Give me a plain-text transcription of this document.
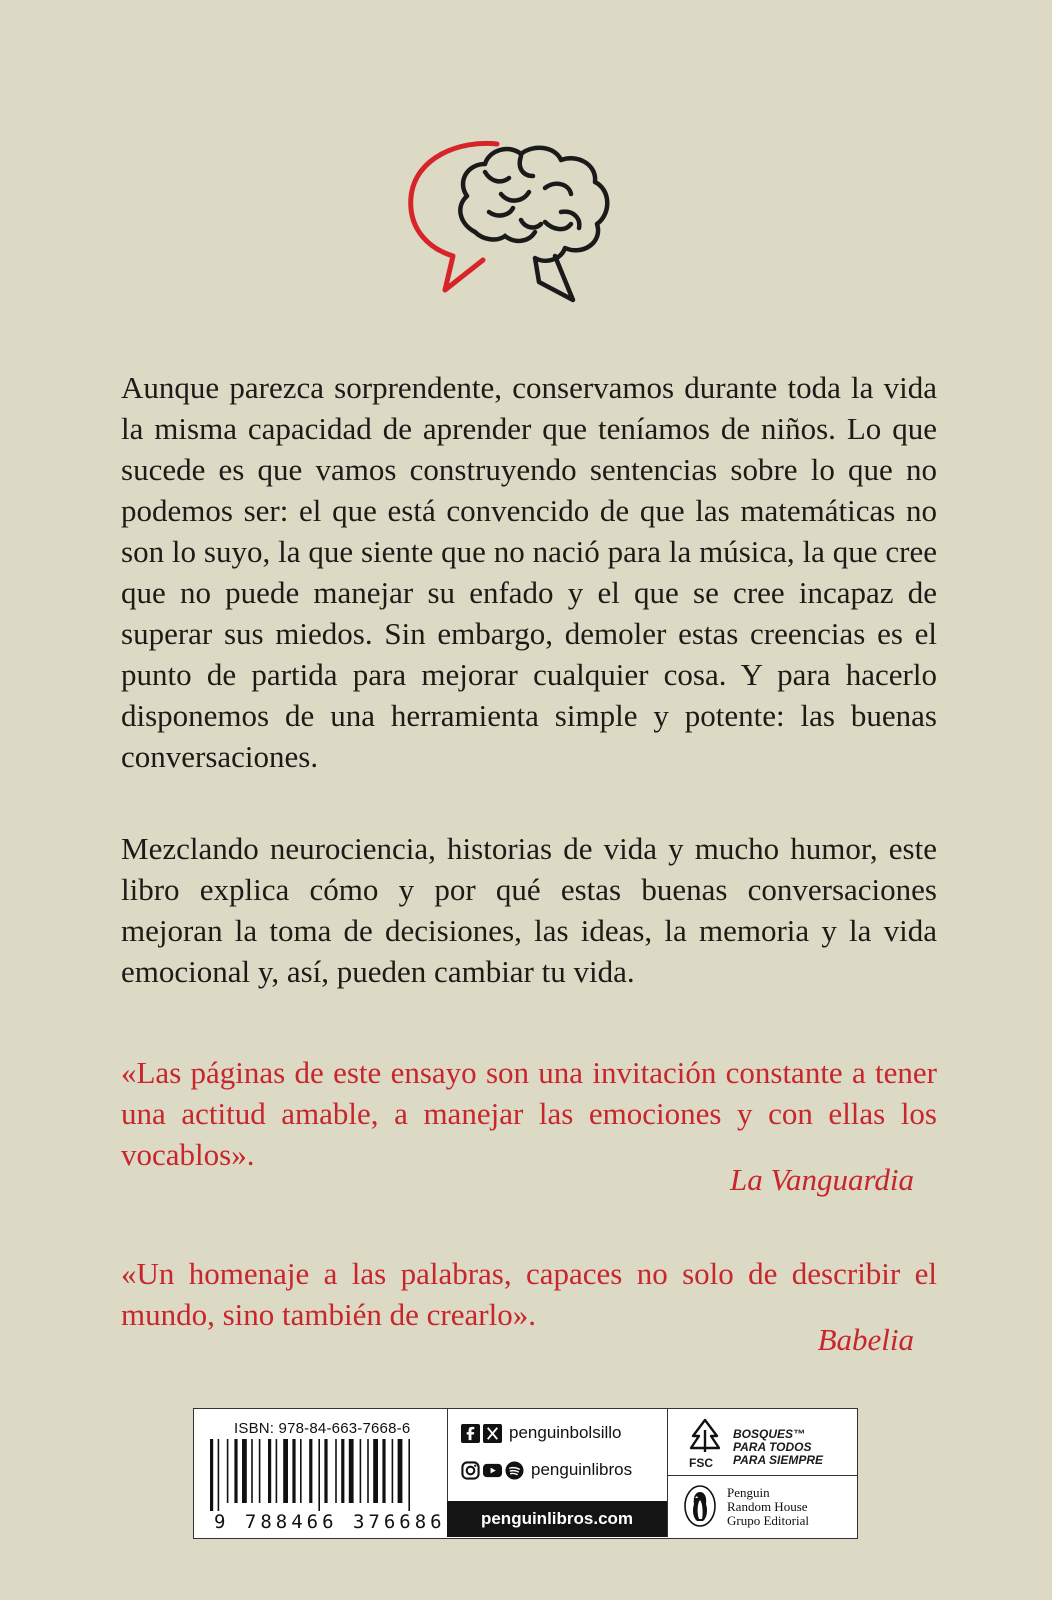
Aunque parezca sorprendente, conservamos durante toda la vida la misma capacidad de aprender que teníamos de niños. Lo que sucede es que vamos construyendo sentencias sobre lo que no podemos ser: el que está convencido de que las matemáticas no son lo suyo, la que siente que no nació para la música, la que cree que no puede manejar su enfado y el que se cree incapaz de superar sus miedos. Sin embargo, demoler estas creencias es el punto de partida para mejorar cualquier cosa. Y para hacerlo disponemos de una herramienta simple y potente: las buenas conversaciones.

Mezclando neurociencia, historias de vida y mucho humor, este libro explica cómo y por qué estas buenas conversaciones mejoran la toma de decisiones, las ideas, la memoria y la vida emocional y, así, pueden cambiar tu vida.

«Las páginas de este ensayo son una invitación constante a tener una actitud amable, a manejar las emociones y con ellas los vocablos».

La Vanguardia

«Un homenaje a las palabras, capaces no solo de describir el mundo, sino también de crearlo».

Babelia
ISBN: 978-84-663-7668-6
9 788466 376686
penguinbolsillo
penguinlibros
penguinlibros.com
FSC
BOSQUES™
PARA TODOS
PARA SIEMPRE
Penguin
Random House
Grupo Editorial
